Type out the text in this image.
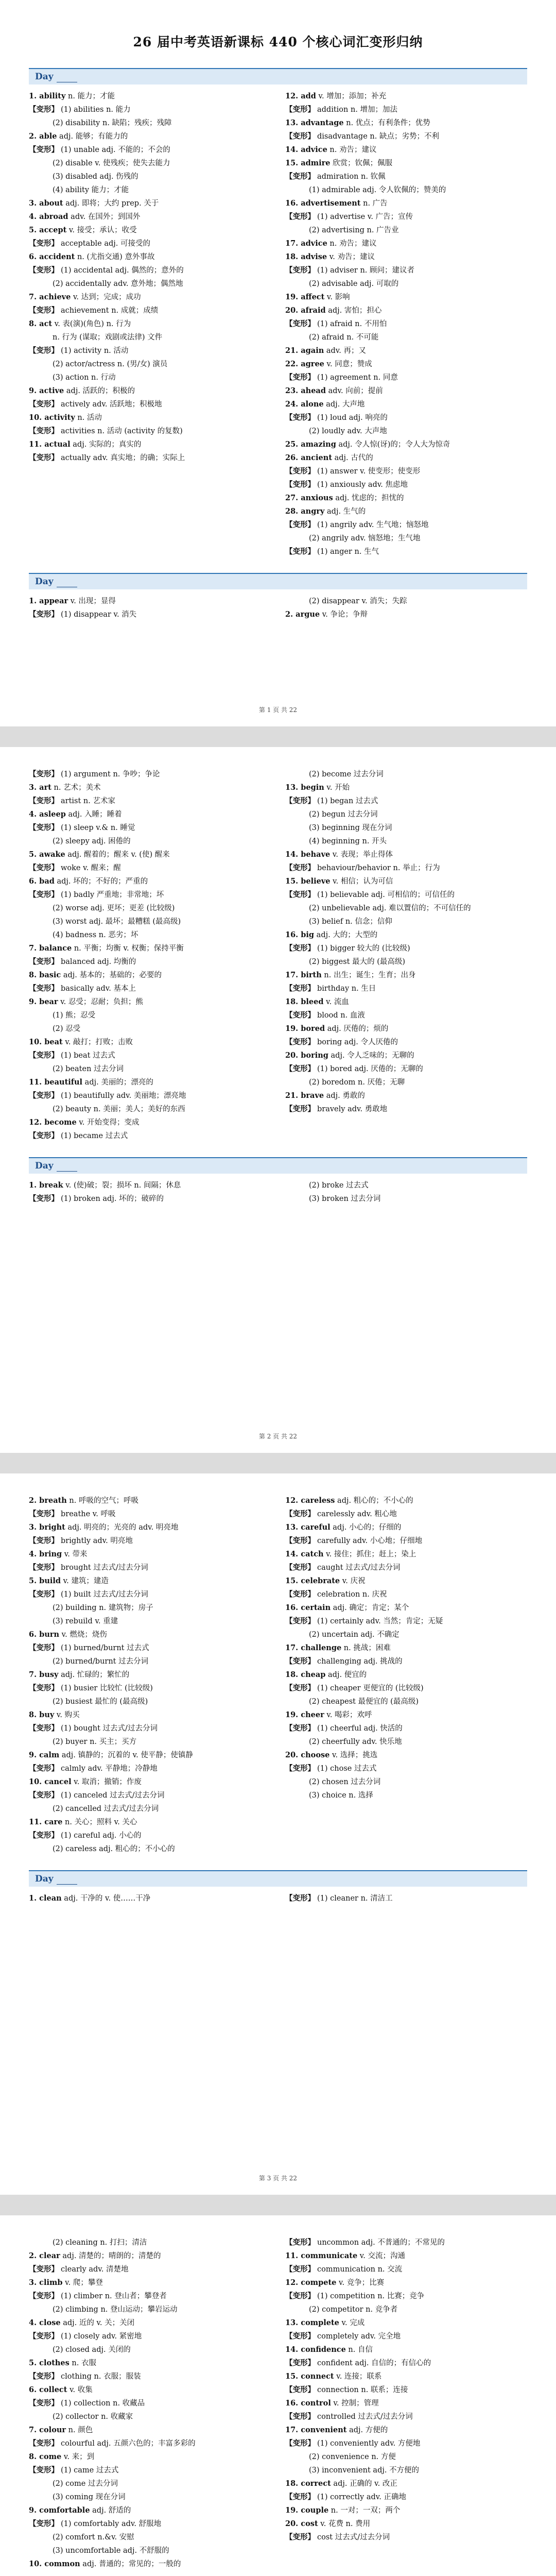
26 届中考英语新课标 440 个核心词汇变形归纳
Day
1. ability n. 能力；才能
【变形】 (1) abilities n. 能力
(2) disability n. 缺陷；残疾；残障
2. able adj. 能够；有能力的
【变形】 (1) unable adj. 不能的；不会的
(2) disable v. 使残疾；使失去能力
(3) disabled adj. 伤残的
(4) ability 能力；才能
3. about adj. 即将；大约 prep. 关于
4. abroad adv. 在国外；到国外
5. accept v. 接受；承认；收受
【变形】 acceptable adj. 可接受的
6. accident n. (尤指交通) 意外事故
【变形】 (1) accidental adj. 偶然的；意外的
(2) accidentally adv. 意外地；偶然地
7. achieve v. 达到；完成；成功
【变形】 achievement n. 成就；成绩
8. act v. 表(演)(角色) n. 行为
n. 行为 (谋取；戏剧或法律) 文件
【变形】 (1) activity n. 活动
(2) actor/actress n. (男/女) 演员
(3) action n. 行动
9. active adj. 活跃的；积极的
【变形】 actively adv. 活跃地；积极地
10. activity n. 活动
【变形】 activities n. 活动 (activity 的复数)
11. actual adj. 实际的；真实的
【变形】 actually adv. 真实地；的确；实际上
12. add v. 增加；添加；补充
【变形】 addition n. 增加；加法
13. advantage n. 优点；有利条件；优势
【变形】 disadvantage n. 缺点；劣势；不利
14. advice n. 劝告；建议
15. admire 欣赏；钦佩；佩服
【变形】 admiration n. 钦佩
(1) admirable adj. 令人钦佩的；赞美的
16. advertisement n. 广告
【变形】 (1) advertise v. 广告；宣传
(2) advertising n. 广告业
17. advice n. 劝告；建议
18. advise v. 劝告；建议
【变形】 (1) adviser n. 顾问；建议者
(2) advisable adj. 可取的
19. affect v. 影响
20. afraid adj. 害怕；担心
【变形】 (1) afraid n. 不用怕
(2) afraid n. 不可能
21. again adv. 再；又
22. agree v. 同意；赞成
【变形】 (1) agreement n. 同意
23. ahead adv. 向前；提前
24. alone adj. 大声地
【变形】 (1) loud adj. 响亮的
(2) loudly adv. 大声地
25. amazing adj. 令人惊(讶)的；令人大为惊奇
26. ancient adj. 古代的
【变形】 (1) answer v. 使变形；使变形
【变形】 (1) anxiously adv. 焦虑地
27. anxious adj. 忧虑的；担忧的
28. angry adj. 生气的
【变形】 (1) angrily adv. 生气地；恼怒地
(2) angrily adv. 恼怒地；生气地
【变形】 (1) anger n. 生气
Day
1. appear v. 出现；显得
【变形】 (1) disappear v. 消失
(2) disappear v. 消失；失踪
2. argue v. 争论；争辩
第 1 页 共 22
【变形】 (1) argument n. 争吵；争论
3. art n. 艺术；美术
【变形】 artist n. 艺术家
4. asleep adj. 入睡；睡着
【变形】 (1) sleep v.& n. 睡觉
(2) sleepy adj. 困倦的
5. awake adj. 醒着的；醒来 v. (使) 醒来
【变形】 woke v. 醒来；醒
6. bad adj. 坏的；不好的；严重的
【变形】 (1) badly 严重地；非常地；坏
(2) worse adj. 更坏；更差 (比较级)
(3) worst adj. 最坏；最糟糕 (最高级)
(4) badness n. 恶劣；坏
7. balance n. 平衡；均衡 v. 权衡；保持平衡
【变形】 balanced adj. 均衡的
8. basic adj. 基本的；基础的；必要的
【变形】 basically adv. 基本上
9. bear v. 忍受；忍耐；负担；熊
(1) 熊；忍受
(2) 忍受
10. beat v. 敲打；打败；击败
【变形】 (1) beat 过去式
(2) beaten 过去分词
11. beautiful adj. 美丽的；漂亮的
【变形】 (1) beautifully adv. 美丽地；漂亮地
(2) beauty n. 美丽；美人；美好的东西
12. become v. 开始变得；变成
【变形】 (1) became 过去式
(2) become 过去分词
13. begin v. 开始
【变形】 (1) began 过去式
(2) begun 过去分词
(3) beginning 现在分词
(4) beginning n. 开头
14. behave v. 表现；举止得体
【变形】 behaviour/behavior n. 举止；行为
15. believe v. 相信；认为可信
【变形】 (1) believable adj. 可相信的；可信任的
(2) unbelievable adj. 难以置信的；不可信任的
(3) belief n. 信念；信仰
16. big adj. 大的；大型的
【变形】 (1) bigger 较大的 (比较级)
(2) biggest 最大的 (最高级)
17. birth n. 出生；诞生；生育；出身
【变形】 birthday n. 生日
18. bleed v. 流血
【变形】 blood n. 血液
19. bored adj. 厌倦的；烦的
【变形】 boring adj. 令人厌倦的
20. boring adj. 令人乏味的；无聊的
【变形】 (1) bored adj. 厌倦的；无聊的
(2) boredom n. 厌倦；无聊
21. brave adj. 勇敢的
【变形】 bravely adv. 勇敢地
Day
1. break v. (使)破；裂；损坏 n. 间隔；休息
【变形】 (1) broken adj. 坏的；破碎的
(2) broke 过去式
(3) broken 过去分词
第 2 页 共 22
2. breath n. 呼吸的空气；呼吸
【变形】 breathe v. 呼吸
3. bright adj. 明亮的；光亮的 adv. 明亮地
【变形】 brightly adv. 明亮地
4. bring v. 带来
【变形】 brought 过去式/过去分词
5. build v. 建筑；建造
【变形】 (1) built 过去式/过去分词
(2) building n. 建筑物；房子
(3) rebuild v. 重建
6. burn v. 燃烧；烧伤
【变形】 (1) burned/burnt 过去式
(2) burned/burnt 过去分词
7. busy adj. 忙碌的；繁忙的
【变形】 (1) busier 比较忙 (比较级)
(2) busiest 最忙的 (最高级)
8. buy v. 购买
【变形】 (1) bought 过去式/过去分词
(2) buyer n. 买主；买方
9. calm adj. 镇静的；沉着的 v. 使平静；使镇静
【变形】 calmly adv. 平静地；冷静地
10. cancel v. 取消；撤销；作废
【变形】 (1) canceled 过去式/过去分词
(2) cancelled 过去式/过去分词
11. care n. 关心；照料 v. 关心
【变形】 (1) careful adj. 小心的
(2) careless adj. 粗心的；不小心的
12. careless adj. 粗心的；不小心的
【变形】 carelessly adv. 粗心地
13. careful adj. 小心的；仔细的
【变形】 carefully adv. 小心地；仔细地
14. catch v. 接住；抓住；赶上；染上
【变形】 caught 过去式/过去分词
15. celebrate v. 庆祝
【变形】 celebration n. 庆祝
16. certain adj. 确定；肯定；某个
【变形】 (1) certainly adv. 当然；肯定；无疑
(2) uncertain adj. 不确定
17. challenge n. 挑战；困难
【变形】 challenging adj. 挑战的
18. cheap adj. 便宜的
【变形】 (1) cheaper 更便宜的 (比较级)
(2) cheapest 最便宜的 (最高级)
19. cheer v. 喝彩；欢呼
【变形】 (1) cheerful adj. 快活的
(2) cheerfully adv. 快乐地
20. choose v. 选择；挑选
【变形】 (1) chose 过去式
(2) chosen 过去分词
(3) choice n. 选择
Day
1. clean adj. 干净的 v. 使……干净	【变形】 (1) cleaner n. 清洁工
第 3 页 共 22
(2) cleaning n. 打扫；清洁
2. clear adj. 清楚的；晴朗的；清楚的
【变形】 clearly adv. 清楚地
3. climb v. 爬；攀登
【变形】 (1) climber n. 登山者；攀登者
(2) climbing n. 登山运动；攀岩运动
4. close adj. 近的 v. 关；关闭
【变形】 (1) closely adv. 紧密地
(2) closed adj. 关闭的
5. clothes n. 衣服
【变形】 clothing n. 衣服；服装
6. collect v. 收集
【变形】 (1) collection n. 收藏品
(2) collector n. 收藏家
7. colour n. 颜色
【变形】 colourful adj. 五颜六色的；丰富多彩的
8. come v. 来；到
【变形】 (1) came 过去式
(2) come 过去分词
(3) coming 现在分词
9. comfortable adj. 舒适的
【变形】 (1) comfortably adv. 舒服地
(2) comfort n.&v. 安慰
(3) uncomfortable adj. 不舒服的
10. common adj. 普通的；常见的；一般的
【变形】 uncommon adj. 不普通的；不常见的
11. communicate v. 交流；沟通
【变形】 communication n. 交流
12. compete v. 竞争；比赛
【变形】 (1) competition n. 比赛；竞争
(2) competitor n. 竞争者
13. complete v. 完成
【变形】 completely adv. 完全地
14. confidence n. 自信
【变形】 confident adj. 自信的；有信心的
15. connect v. 连接；联系
【变形】 connection n. 联系；连接
16. control v. 控制；管理
【变形】 controlled 过去式/过去分词
17. convenient adj. 方便的
【变形】 (1) conveniently adv. 方便地
(2) convenience n. 方便
(3) inconvenient adj. 不方便的
18. correct adj. 正确的 v. 改正
【变形】 (1) correctly adv. 正确地
19. couple n. 一对；一双；两个
20. cost v. 花费 n. 费用
【变形】 cost 过去式/过去分词
